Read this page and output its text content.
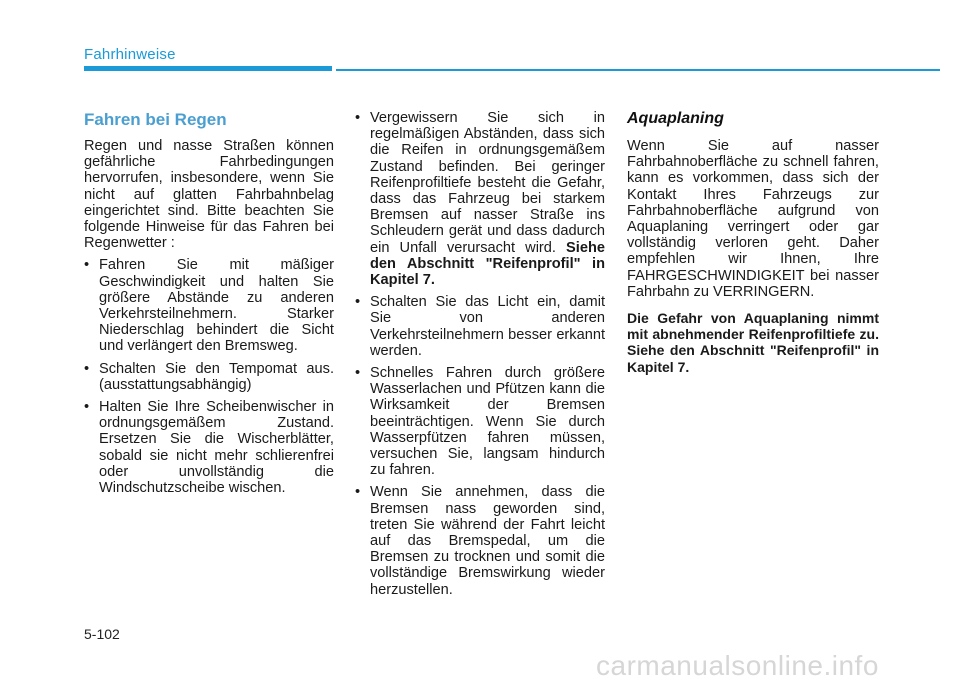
Fahrhinweise
Fahren bei Regen

Regen und nasse Straßen können gefährliche Fahrbedingungen hervorrufen, insbesondere, wenn Sie nicht auf glatten Fahrbahnbelag eingerichtet sind. Bitte beachten Sie folgende Hinweise für das Fahren bei Regenwetter :

• Fahren Sie mit mäßiger Geschwindigkeit und halten Sie größere Abstände zu anderen Verkehrsteilnehmern. Starker Niederschlag behindert die Sicht und verlängert den Bremsweg.
• Schalten Sie den Tempomat aus. (ausstattungsabhängig)
• Halten Sie Ihre Scheibenwischer in ordnungsgemäßem Zustand. Ersetzen Sie die Wischerblätter, sobald sie nicht mehr schlierenfrei oder unvollständig die Windschutzscheibe wischen.
• Vergewissern Sie sich in regelmäßigen Abständen, dass sich die Reifen in ordnungsgemäßem Zustand befinden. Bei geringer Reifenprofiltiefe besteht die Gefahr, dass das Fahrzeug bei starkem Bremsen auf nasser Straße ins Schleudern gerät und dass dadurch ein Unfall verursacht wird. Siehe den Abschnitt "Reifenprofil" in Kapitel 7.
• Schalten Sie das Licht ein, damit Sie von anderen Verkehrsteilnehmern besser erkannt werden.
• Schnelles Fahren durch größere Wasserlachen und Pfützen kann die Wirksamkeit der Bremsen beeinträchtigen. Wenn Sie durch Wasserpfützen fahren müssen, versuchen Sie, langsam hindurch zu fahren.
• Wenn Sie annehmen, dass die Bremsen nass geworden sind, treten Sie während der Fahrt leicht auf das Bremspedal, um die Bremsen zu trocknen und somit die vollständige Bremswirkung wieder herzustellen.
Aquaplaning

Wenn Sie auf nasser Fahrbahnoberfläche zu schnell fahren, kann es vorkommen, dass sich der Kontakt Ihres Fahrzeugs zur Fahrbahnoberfläche aufgrund von Aquaplaning verringert oder gar vollständig verloren geht. Daher empfehlen wir Ihnen, Ihre FAHRGESCHWINDIGKEIT bei nasser Fahrbahn zu VERRINGERN.

Die Gefahr von Aquaplaning nimmt mit abnehmender Reifenprofiltiefe zu. Siehe den Abschnitt "Reifenprofil" in Kapitel 7.

5-102
carmanualsonline.info
